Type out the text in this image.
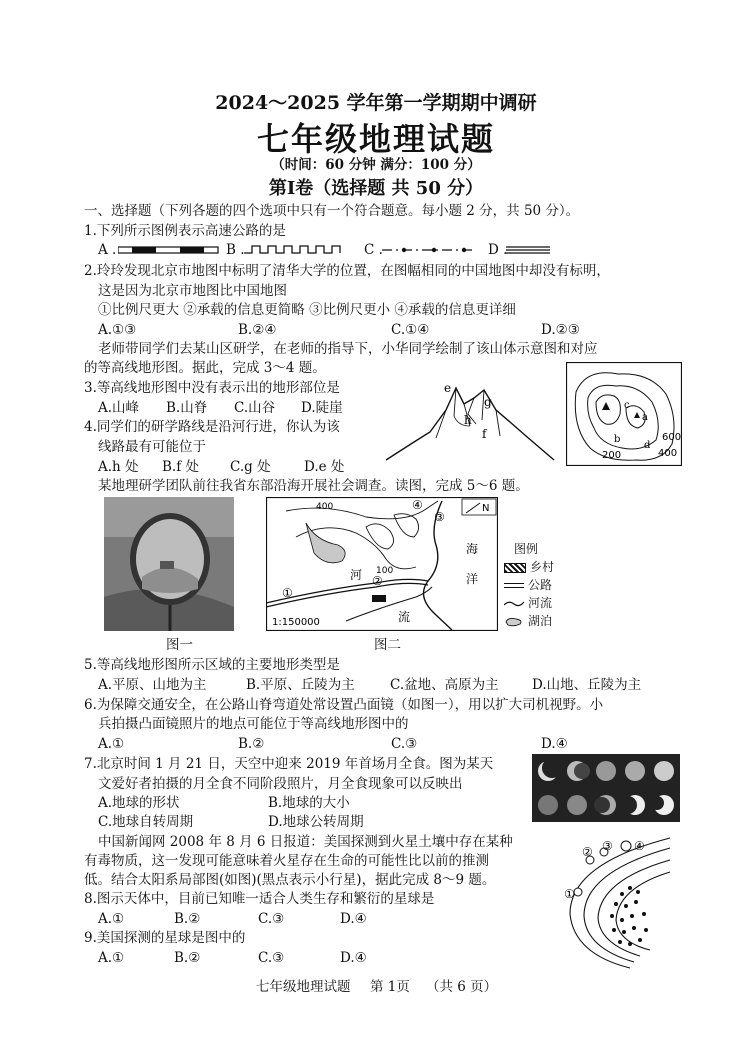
2024～2025 学年第一学期期中调研
七年级地理试题
（时间：60 分钟 满分：100 分）
第Ⅰ卷（选择题 共 50 分）
一、选择题（下列各题的四个选项中只有一个符合题意。每小题 2 分，共 50 分）。
1.下列所示图例表示高速公路的是
A .	B .	C .	D .
2.玲玲发现北京市地图中标明了清华大学的位置，在图幅相同的中国地图中却没有标明，
这是因为北京市地图比中国地图
①比例尺更大 ②承载的信息更简略 ③比例尺更小 ④承载的信息更详细
A.①③	B.②④	C.①④	D.②③
老师带同学们去某山区研学，在老师的指导下，小华同学绘制了该山体示意图和对应
的等高线地形图。据此，完成 3～4 题。
3.等高线地形图中没有表示出的地形部位是
A.山峰 B.山脊 C.山谷 D.陡崖
4.同学们的研学路线是沿河行进，你认为该
线路最有可能位于
A.h 处 B.f 处 C.g 处 D.e 处
e
g
h
f
c
a
b
d
600
400
200
某地理研学团队前往我省东部沿海开展社会调查。读图，完成 5～6 题。
400
100
海
洋
河
流
N
①
②
③
④
1:150000
图例
乡村
公路
河流
湖泊
图一	图二
5.等高线地形图所示区域的主要地形类型是
A.平原、山地为主	B.平原、丘陵为主	C.盆地、高原为主 D.山地、丘陵为主
6.为保障交通安全，在公路山脊弯道处常设置凸面镜（如图一），用以扩大司机视野。小
兵拍摄凸面镜照片的地点可能位于等高线地形图中的
A.①	B.②	C.③	D.④
7.北京时间 1 月 21 日，天空中迎来 2019 年首场月全食。图为某天
文爱好者拍摄的月全食不同阶段照片，月全食现象可以反映出
A.地球的形状	B.地球的大小
C.地球自转周期	D.地球公转周期
中国新闻网 2008 年 8 月 6 日报道：美国探测到火星土壤中存在某种
有毒物质，这一发现可能意味着火星存在生命的可能性比以前的推测
低。结合太阳系局部图(如图)(黑点表示小行星)，据此完成 8～9 题。
8.图示天体中，目前已知唯一适合人类生存和繁衍的星球是
A.①	B.②	C.③	D.④
9.美国探测的星球是图中的
A.①	B.②	C.③	D.④
①
② ③ ④
七年级地理试题 第 1页 （共 6 页）
